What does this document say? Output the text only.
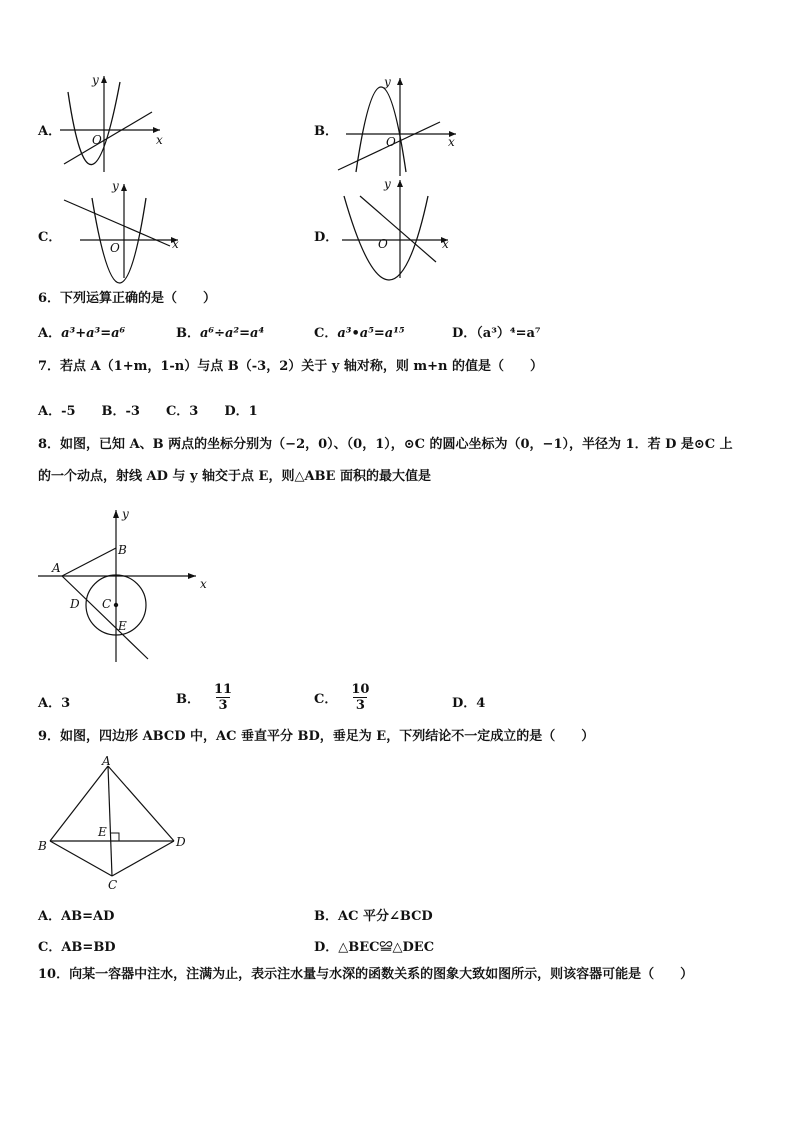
A．
x
y
O
B．
x
y
O
C．	x
y
O
D．	x
y
O
6．下列运算正确的是（　　）
A．a³+a³=a⁶	B．a⁶÷a²=a⁴	C．a³•a⁵=a¹⁵	D．（a³）⁴=a⁷
7．若点 A（1+m，1-n）与点 B（-3，2）关于 y 轴对称，则 m+n 的值是（　　）
A．-5　　B．-3　　C．3　　D．1
8．如图，已知 A、B 两点的坐标分别为（−2，0）、（0，1），⊙C 的圆心坐标为（0，−1），半径为 1．若 D 是⊙C 上
的一个动点，射线 AD 与 y 轴交于点 E，则△ABE 面积的最大值是
x
y
A
B
C
D
E
A．3	B． $\frac{11}{3}$	C． $\frac{10}{3}$	D．4
9．如图，四边形 ABCD 中，AC 垂直平分 BD，垂足为 E，下列结论不一定成立的是（　　）
A
B
C
D
E
A．AB=AD	B．AC 平分∠BCD
C．AB=BD	D．△BEC≌△DEC
10．向某一容器中注水，注满为止，表示注水量与水深的函数关系的图象大致如图所示，则该容器可能是（　　）
